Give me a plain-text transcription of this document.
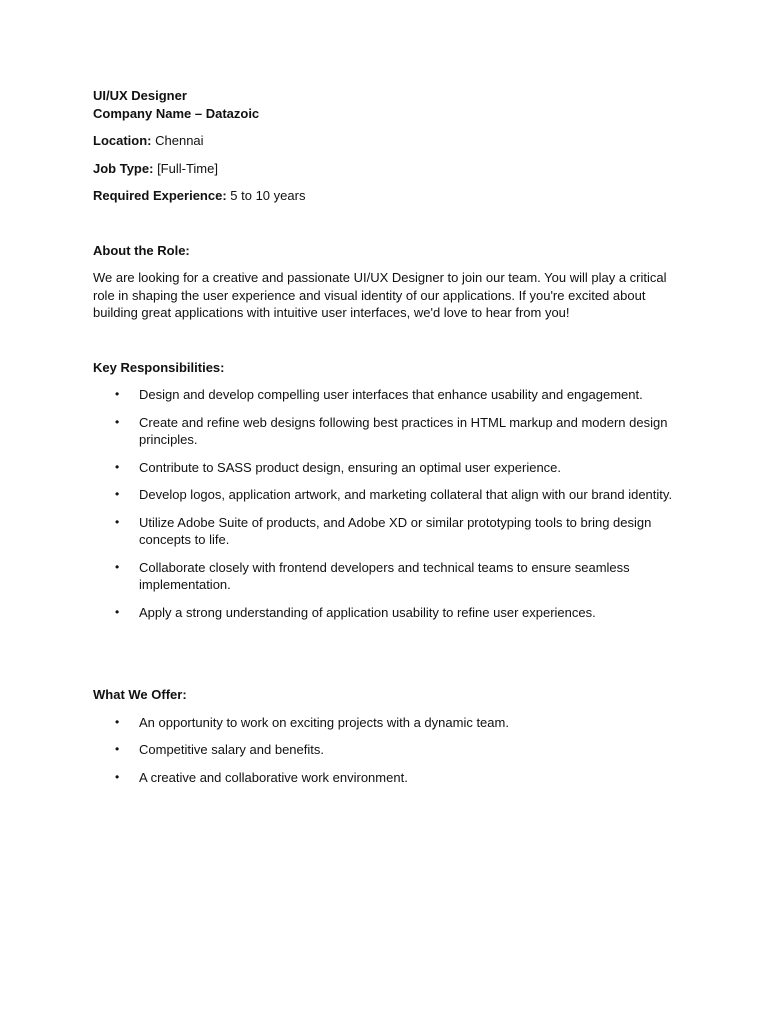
UI/UX Designer

Company Name – Datazoic

Location: Chennai

Job Type: [Full-Time]

Required Experience: 5 to 10 years

About the Role:

We are looking for a creative and passionate UI/UX Designer to join our team. You will play a critical role in shaping the user experience and visual identity of our applications. If you're excited about building great applications with intuitive user interfaces, we'd love to hear from you!

Key Responsibilities:

• Design and develop compelling user interfaces that enhance usability and engagement.
• Create and refine web designs following best practices in HTML markup and modern design principles.
• Contribute to SASS product design, ensuring an optimal user experience.
• Develop logos, application artwork, and marketing collateral that align with our brand identity.
• Utilize Adobe Suite of products, and Adobe XD or similar prototyping tools to bring design concepts to life.
• Collaborate closely with frontend developers and technical teams to ensure seamless implementation.
• Apply a strong understanding of application usability to refine user experiences.

What We Offer:

• An opportunity to work on exciting projects with a dynamic team.
• Competitive salary and benefits.
• A creative and collaborative work environment.
